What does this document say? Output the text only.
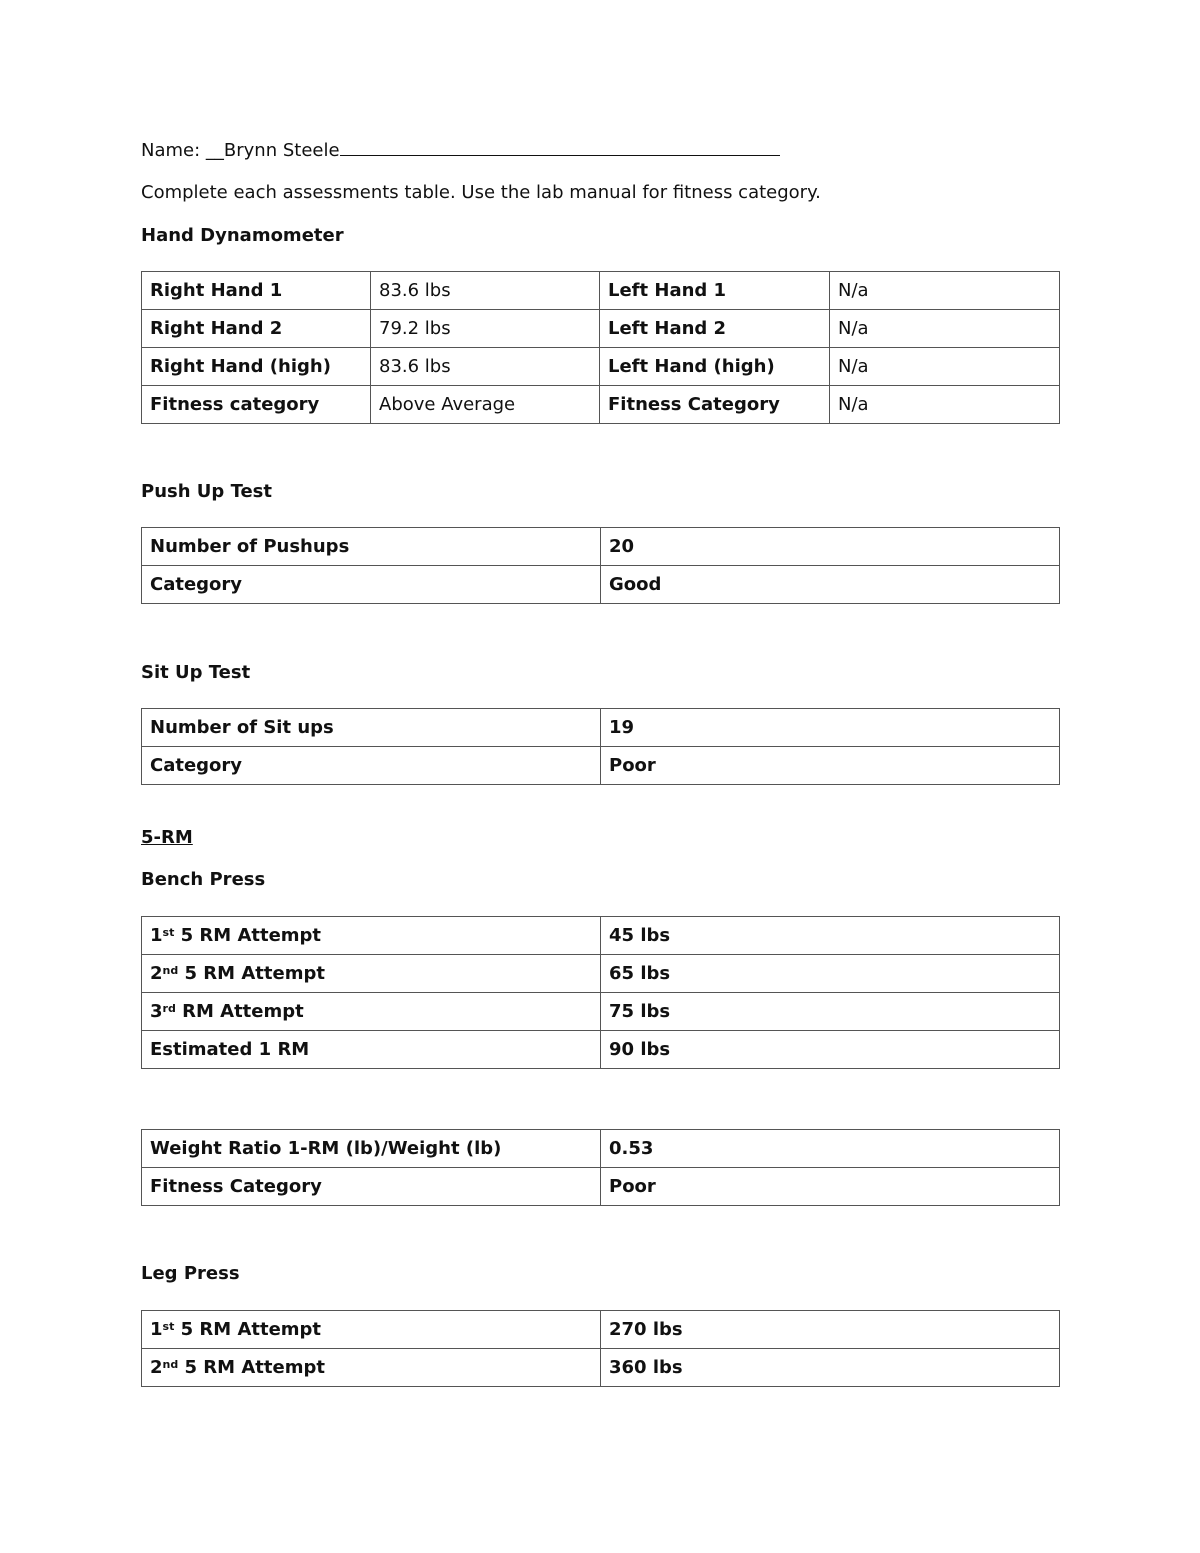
Name: __Brynn Steele
Complete each assessments table. Use the lab manual for fitness category.
Hand Dynamometer
Right Hand 1	83.6 lbs	Left Hand 1	N/a
Right Hand 2	79.2 lbs	Left Hand 2	N/a
Right Hand (high)	83.6 lbs	Left Hand (high)	N/a
Fitness category	Above Average	Fitness Category	N/a
Push Up Test
Number of Pushups	20
Category	Good
Sit Up Test
Number of Sit ups	19
Category	Poor
5-RM
Bench Press
1st 5 RM Attempt	45 lbs
2nd 5 RM Attempt	65 lbs
3rd RM Attempt	75 lbs
Estimated 1 RM	90 lbs
Weight Ratio 1-RM (lb)/Weight (lb)	0.53
Fitness Category	Poor
Leg Press
1st 5 RM Attempt	270 lbs
2nd 5 RM Attempt	360 lbs
